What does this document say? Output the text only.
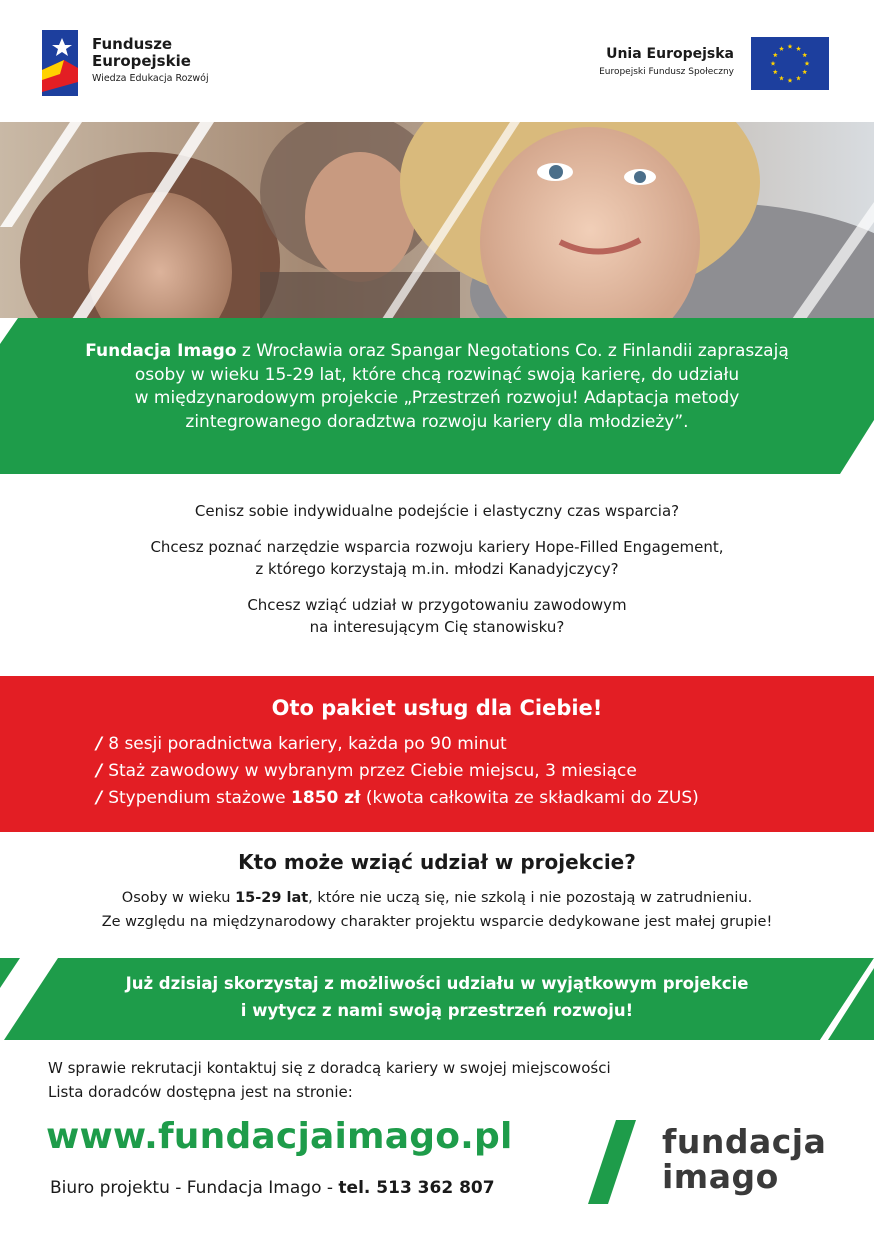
Fundusze
Europejskie
Wiedza Edukacja Rozwój
Unia Europejska
Europejski Fundusz Społeczny
Fundacja Imago z Wrocławia oraz Spangar Negotations Co. z Finlandii zapraszają
osoby w wieku 15-29 lat, które chcą rozwinąć swoją karierę, do udziału
w międzynarodowym projekcie „Przestrzeń rozwoju! Adaptacja metody
zintegrowanego doradztwa rozwoju kariery dla młodzieży”.

Cenisz sobie indywidualne podejście i elastyczny czas wsparcia?

Chcesz poznać narzędzie wsparcia rozwoju kariery Hope-Filled Engagement,
z którego korzystają m.in. młodzi Kanadyjczycy?

Chcesz wziąć udział w przygotowaniu zawodowym
na interesującym Cię stanowisku?

Oto pakiet usług dla Ciebie!
/ 8 sesji poradnictwa kariery, każda po 90 minut
/ Staż zawodowy w wybranym przez Ciebie miejscu, 3 miesiące
/ Stypendium stażowe 1850 zł (kwota całkowita ze składkami do ZUS)
Kto może wziąć udział w projekcie?
Osoby w wieku 15-29 lat, które nie uczą się, nie szkolą i nie pozostają w zatrudnieniu.
Ze względu na międzynarodowy charakter projektu wsparcie dedykowane jest małej grupie!
Już dzisiaj skorzystaj z możliwości udziału w wyjątkowym projekcie
i wytycz z nami swoją przestrzeń rozwoju!
W sprawie rekrutacji kontaktuj się z doradcą kariery w swojej miejscowości
Lista doradców dostępna jest na stronie:
www.fundacjaimago.pl
Biuro projektu - Fundacja Imago - tel. 513 362 807
fundacja
imago
